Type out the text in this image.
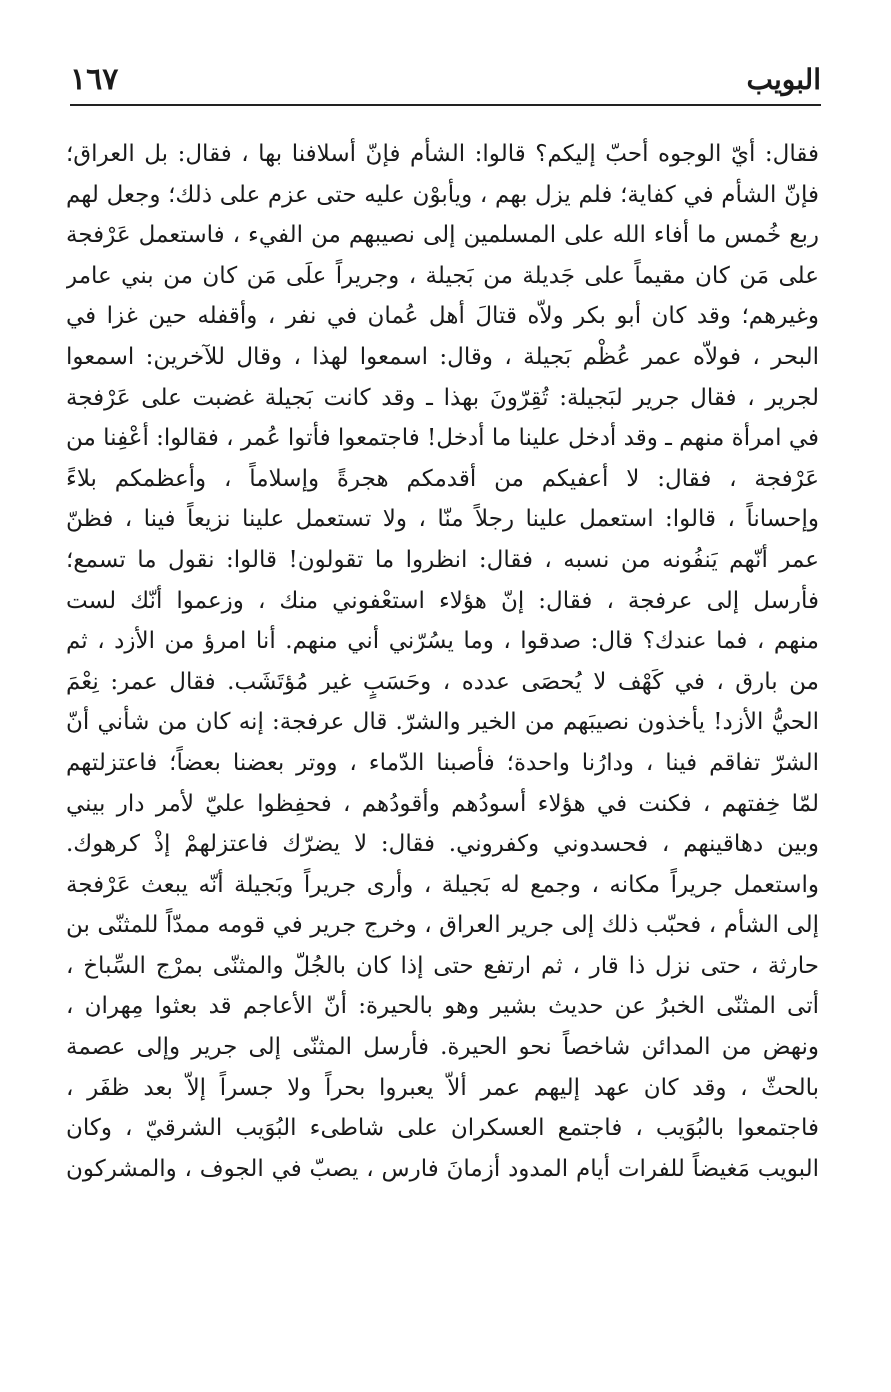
١٦٧	البويب
فقال: أيّ الوجوه أحبّ إليكم؟ قالوا: الشأم فإنّ أسلافنا بها ، فقال: بل العراق؛
فإنّ الشأم في كفاية؛ فلم يزل بهم ، ويأبوْن عليه حتى عزم على ذلك؛ وجعل لهم
ربع خُمس ما أفاء الله على المسلمين إلى نصيبهم من الفيء ، فاستعمل عَرْفجة
على مَن كان مقيماً على جَديلة من بَجيلة ، وجريراً علَى مَن كان من بني عامر
وغيرهم؛ وقد كان أبو بكر ولاّه قتالَ أهل عُمان في نفر ، وأقفله حين غزا في
البحر ، فولاّه عمر عُظْم بَجيلة ، وقال: اسمعوا لهذا ، وقال للآخرين: اسمعوا
لجرير ، فقال جرير لبَجيلة: تُقِرّونَ بهذا ـ وقد كانت بَجيلة غضبت على عَرْفجة
في امرأة منهم ـ وقد أدخل علينا ما أدخل! فاجتمعوا فأتوا عُمر ، فقالوا: أعْفِنا من
عَرْفجة ، فقال: لا أعفيكم من أقدمكم هجرةً وإسلاماً ، وأعظمكم بلاءً
وإحساناً ، قالوا: استعمل علينا رجلاً منّا ، ولا تستعمل علينا نزيعاً فينا ، فظنّ
عمر أنّهم يَنفُونه من نسبه ، فقال: انظروا ما تقولون! قالوا: نقول ما تسمع؛
فأرسل إلى عرفجة ، فقال: إنّ هؤلاء استعْفوني منك ، وزعموا أنّك لست
منهم ، فما عندك؟ قال: صدقوا ، وما يسُرّني أني منهم. أنا امرؤ من الأزد ، ثم
من بارق ، في كَهْف لا يُحصَى عدده ، وحَسَبٍ غير مُؤتَشَب. فقال عمر: نِعْمَ
الحيُّ الأزد! يأخذون نصيبَهم من الخير والشرّ. قال عرفجة: إنه كان من شأني أنّ
الشرّ تفاقم فينا ، ودارُنا واحدة؛ فأصبنا الدّماء ، ووتر بعضنا بعضاً؛ فاعتزلتهم
لمّا خِفتهم ، فكنت في هؤلاء أسودُهم وأقودُهم ، فحفِظوا عليّ لأمر دار بيني
وبين دهاقينهم ، فحسدوني وكفروني. فقال: لا يضرّك فاعتزلهمْ إذْ كرهوك.
واستعمل جريراً مكانه ، وجمع له بَجيلة ، وأرى جريراً وبَجيلة أنّه يبعث عَرْفجة
إلى الشأم ، فحبّب ذلك إلى جرير العراق ، وخرج جرير في قومه ممدّاً للمثنّى بن
حارثة ، حتى نزل ذا قار ، ثم ارتفع حتى إذا كان بالجُلّ والمثنّى بمرْج السِّباخ ،
أتى المثنّى الخبرُ عن حديث بشير وهو بالحيرة: أنّ الأعاجم قد بعثوا مِهران ،
ونهض من المدائن شاخصاً نحو الحيرة. فأرسل المثنّى إلى جرير وإلى عصمة
بالحثّ ، وقد كان عهد إليهم عمر ألاّ يعبروا بحراً ولا جسراً إلاّ بعد ظفَر ،
فاجتمعوا بالبُوَيب ، فاجتمع العسكران على شاطىء البُوَيب الشرقيّ ، وكان
البويب مَغيضاً للفرات أيام المدود أزمانَ فارس ، يصبّ في الجوف ، والمشركون
